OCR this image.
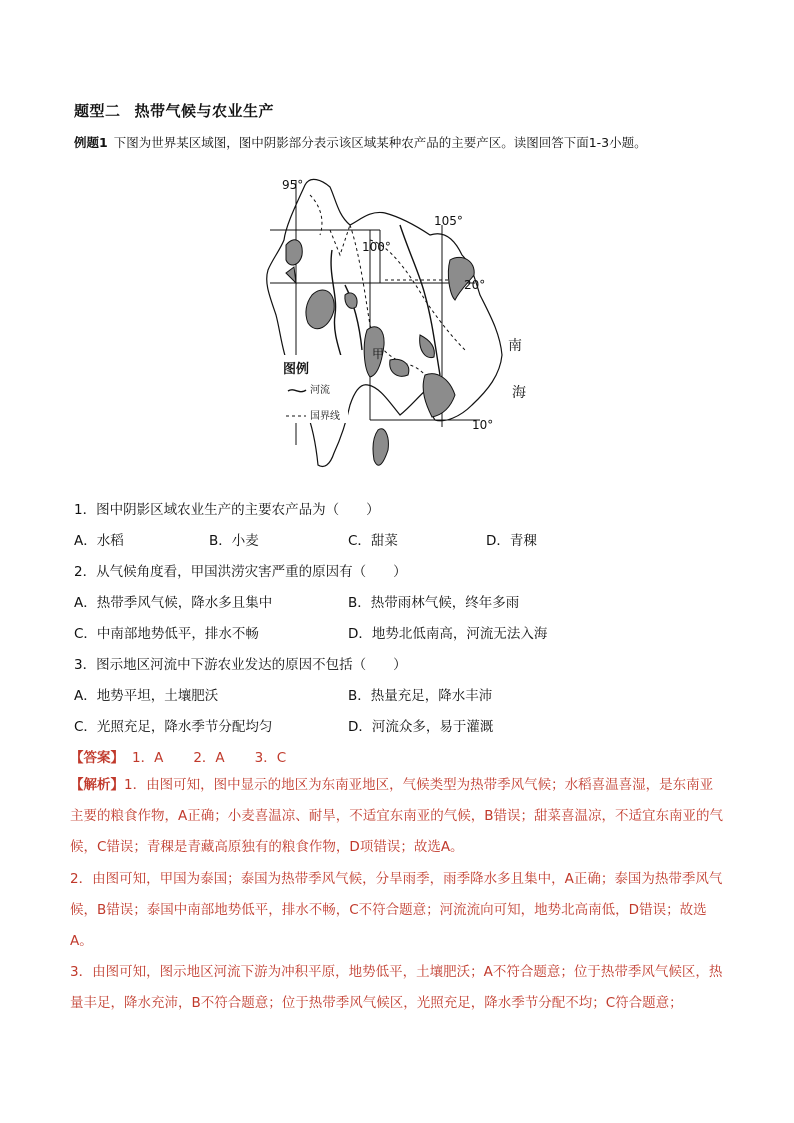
题型二 热带气候与农业生产
例题1 下图为世界某区域图，图中阴影部分表示该区域某种农产品的主要产区。读图回答下面1-3小题。
95°
100°
105°
20°
10°
甲	南
海
图例
河流
国界线
1．图中阴影区域农业生产的主要农产品为（　　）
A．水稻	B．小麦	C．甜菜	D．青稞
2．从气候角度看，甲国洪涝灾害严重的原因有（　　）
A．热带季风气候，降水多且集中	B．热带雨林气候，终年多雨
C．中南部地势低平，排水不畅	D．地势北低南高，河流无法入海
3．图示地区河流中下游农业发达的原因不包括（　　）
A．地势平坦，土壤肥沃	B．热量充足，降水丰沛
C．光照充足，降水季节分配均匀	D．河流众多，易于灌溉
【答案】 1．A 2．A 3．C
【解析】1．由图可知，图中显示的地区为东南亚地区，气候类型为热带季风气候；水稻喜温喜湿，是东南亚主要的粮食作物，A正确；小麦喜温凉、耐旱，不适宜东南亚的气候，B错误；甜菜喜温凉，不适宜东南亚的气候，C错误；青稞是青藏高原独有的粮食作物，D项错误；故选A。
2．由图可知，甲国为泰国；泰国为热带季风气候，分旱雨季，雨季降水多且集中，A正确；泰国为热带季风气候，B错误；泰国中南部地势低平，排水不畅，C不符合题意；河流流向可知，地势北高南低，D错误；故选A。
3．由图可知，图示地区河流下游为冲积平原，地势低平，土壤肥沃；A不符合题意；位于热带季风气候区，热量丰足，降水充沛，B不符合题意；位于热带季风气候区，光照充足，降水季节分配不均；C符合题意；
